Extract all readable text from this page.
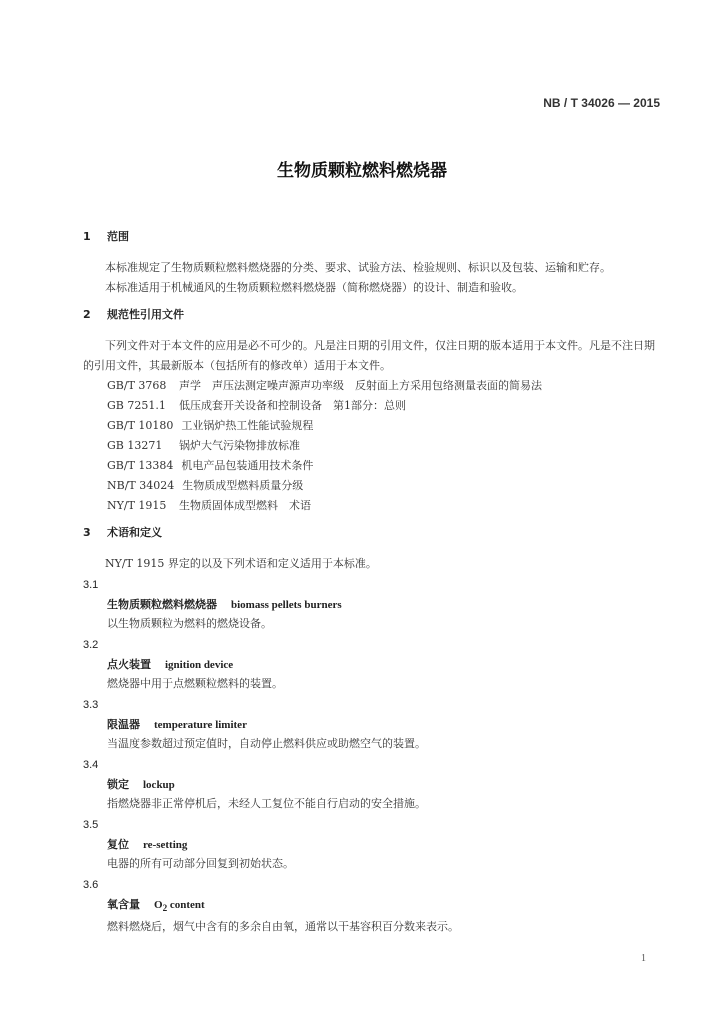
NB / T 34026 — 2015
生物质颗粒燃料燃烧器
1 范围

本标准规定了生物质颗粒燃料燃烧器的分类、要求、试验方法、检验规则、标识以及包装、运输和贮存。

本标准适用于机械通风的生物质颗粒燃料燃烧器（简称燃烧器）的设计、制造和验收。

2 规范性引用文件

下列文件对于本文件的应用是必不可少的。凡是注日期的引用文件，仅注日期的版本适用于本文件。凡是不注日期的引用文件，其最新版本（包括所有的修改单）适用于本文件。

GB/T 3768 声学　声压法测定噪声源声功率级　反射面上方采用包络测量表面的简易法
GB 7251.1 低压成套开关设备和控制设备　第1部分：总则
GB/T 10180 工业锅炉热工性能试验规程
GB 13271 锅炉大气污染物排放标准
GB/T 13384 机电产品包装通用技术条件
NB/T 34024 生物质成型燃料质量分级
NY/T 1915 生物质固体成型燃料　术语
3 术语和定义

NY/T 1915 界定的以及下列术语和定义适用于本标准。

3.1
生物质颗粒燃料燃烧器 biomass pellets burners
以生物质颗粒为燃料的燃烧设备。
3.2
点火装置 ignition device
燃烧器中用于点燃颗粒燃料的装置。
3.3
限温器 temperature limiter
当温度参数超过预定值时，自动停止燃料供应或助燃空气的装置。
3.4
锁定 lockup
指燃烧器非正常停机后，未经人工复位不能自行启动的安全措施。
3.5
复位 re-setting
电器的所有可动部分回复到初始状态。
3.6
氧含量 $O_2$ content
燃料燃烧后，烟气中含有的多余自由氧，通常以干基容积百分数来表示。
1
